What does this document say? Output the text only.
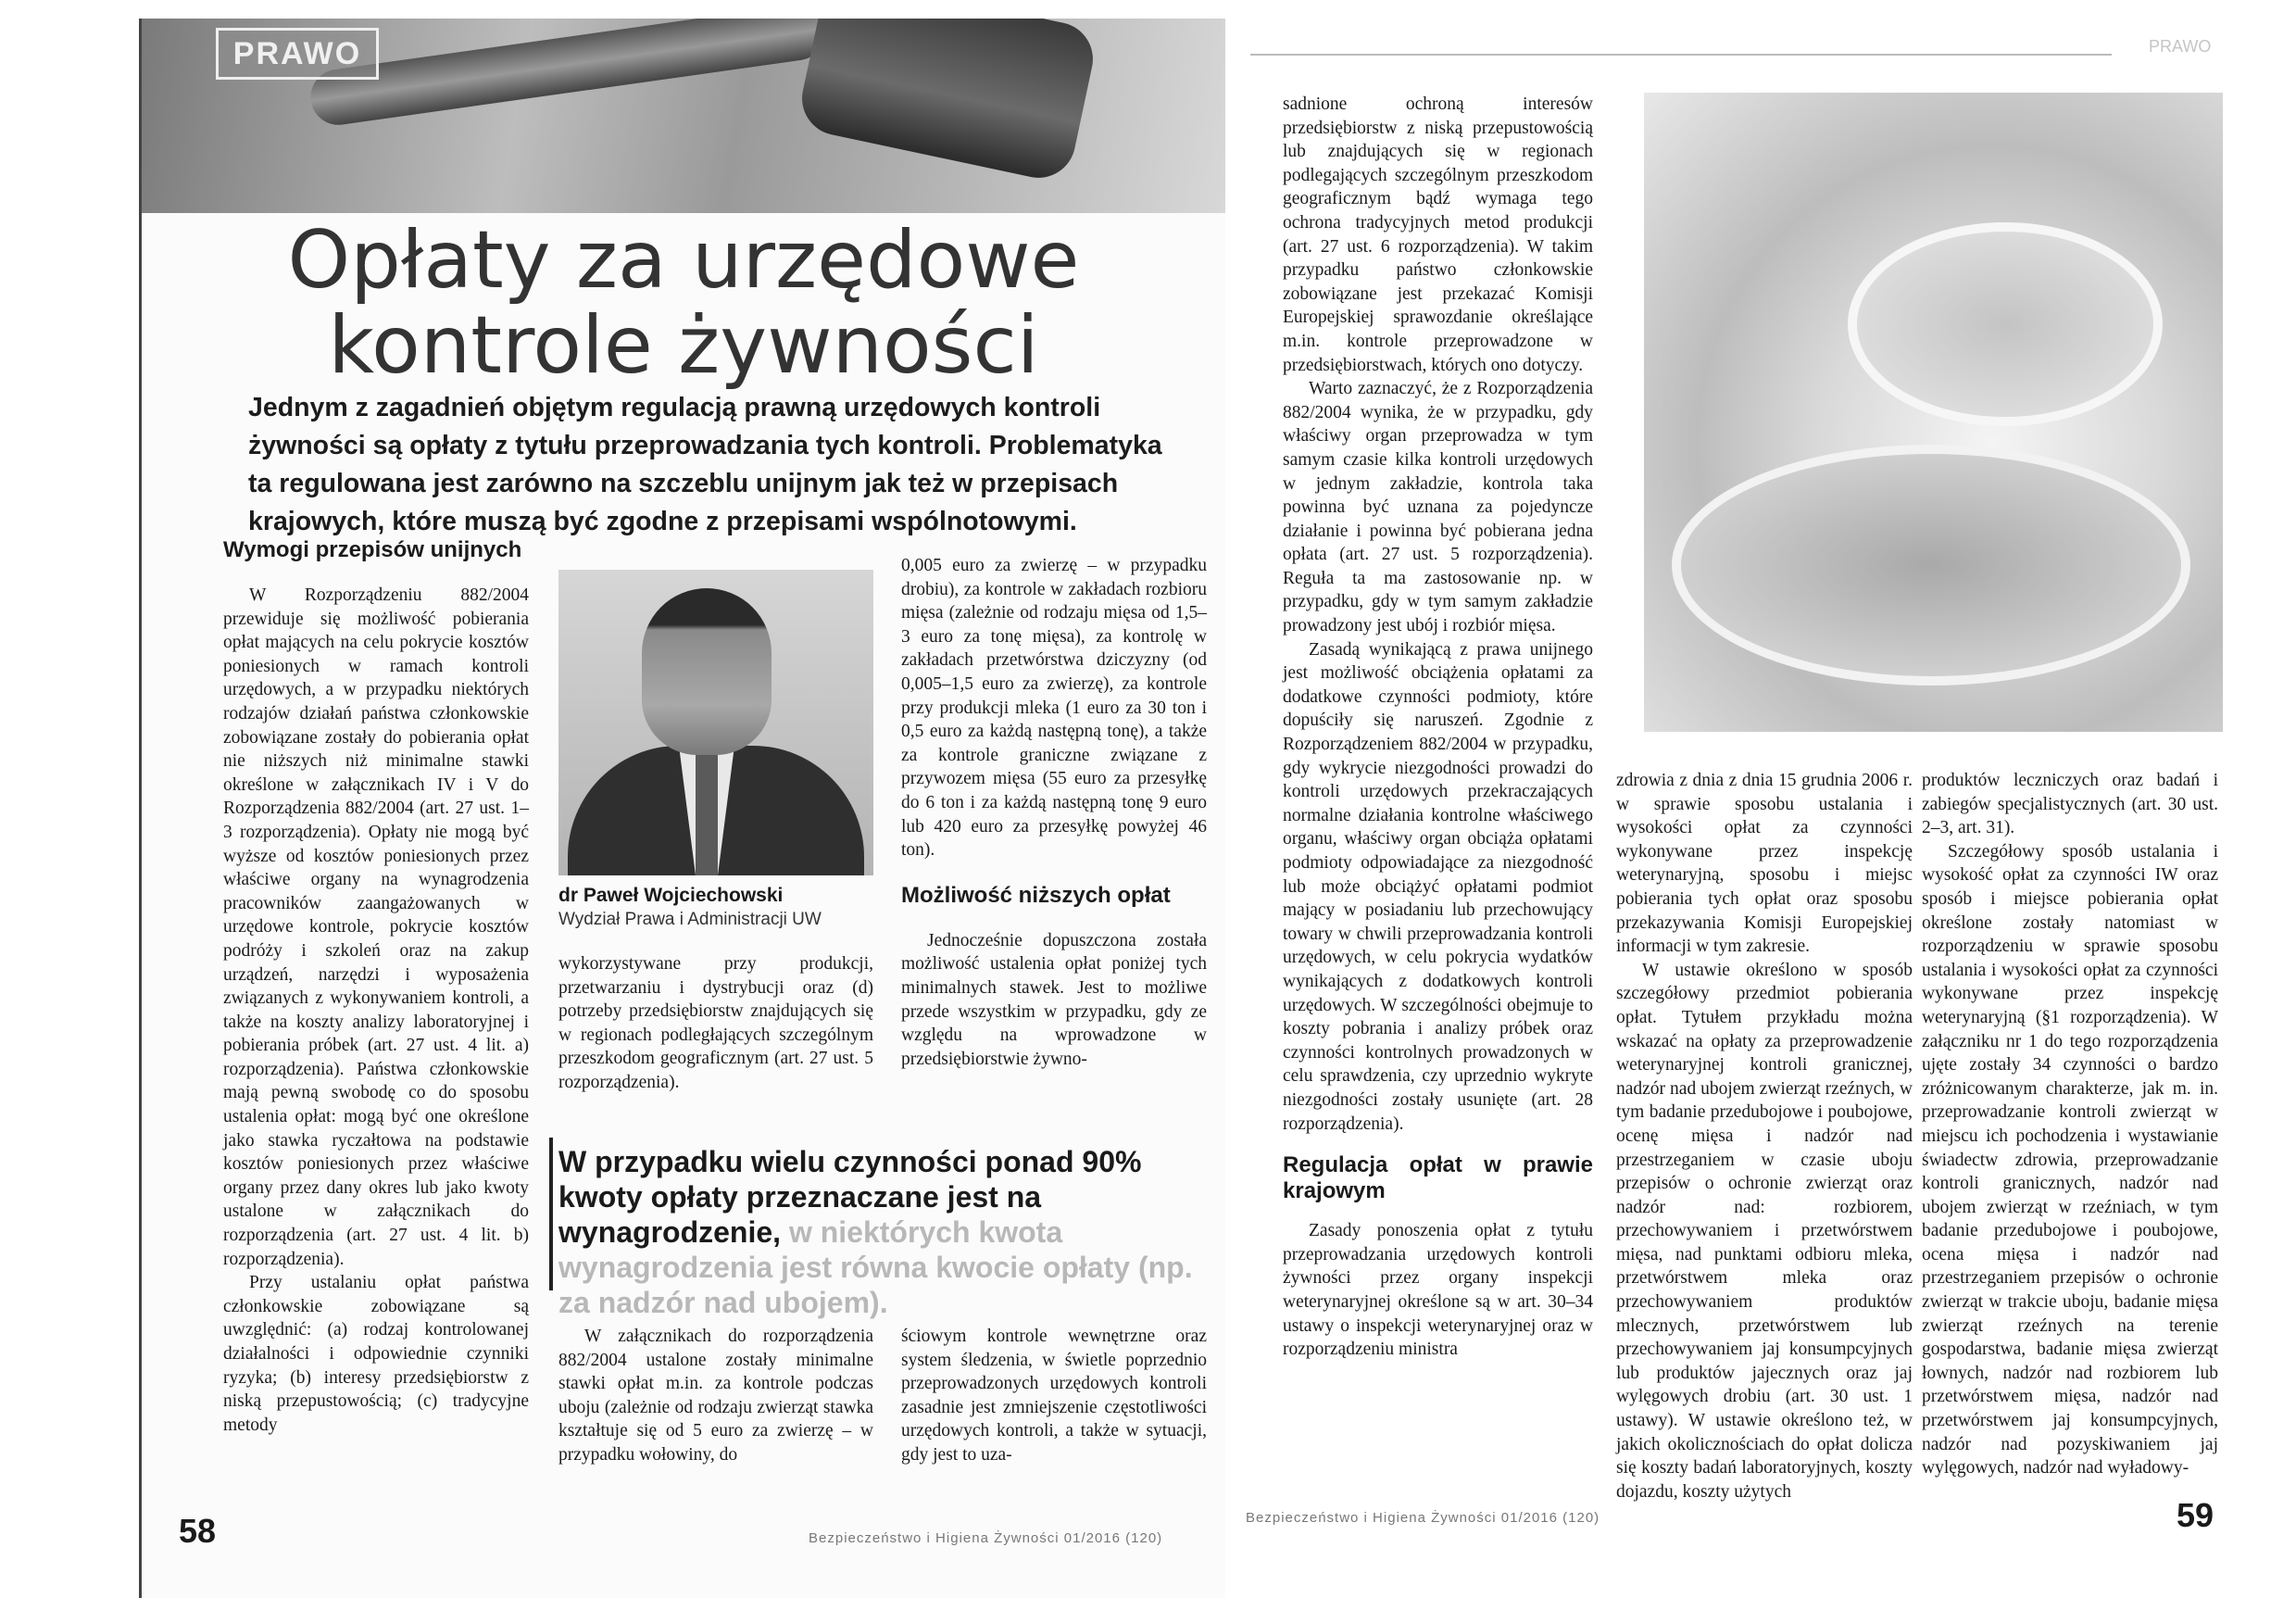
PRAWO
Opłaty za urzędowe
kontrole żywności
Jednym z zagadnień objętym regulacją prawną urzędowych kontroli żywności są opłaty z tytułu przeprowadzania tych kontroli. Problematyka ta regulowana jest zarówno na szczeblu unijnym jak też w przepisach krajowych, które muszą być zgodne z przepisami wspólnotowymi.
Wymogi przepisów unijnych

W Rozporządzeniu 882/2004 przewiduje się możliwość pobierania opłat mających na celu pokrycie kosztów poniesionych w ramach kontroli urzędowych, a w przypadku niektórych rodzajów działań państwa członkowskie zobowiązane zostały do pobierania opłat nie niższych niż minimalne stawki określone w załącznikach IV i V do Rozporządzenia 882/2004 (art. 27 ust. 1–3 rozporządzenia). Opłaty nie mogą być wyższe od kosztów poniesionych przez właściwe organy na wynagrodzenia pracowników zaangażowanych w urzędowe kontrole, pokrycie kosztów podróży i szkoleń oraz na zakup urządzeń, narzędzi i wyposażenia związanych z wykonywaniem kontroli, a także na koszty analizy laboratoryjnej i pobierania próbek (art. 27 ust. 4 lit. a) rozporządzenia). Państwa członkowskie mają pewną swobodę co do sposobu ustalenia opłat: mogą być one określone jako stawka ryczałtowa na podstawie kosztów poniesionych przez właściwe organy przez dany okres lub jako kwoty ustalone w załącznikach do rozporządzenia (art. 27 ust. 4 lit. b) rozporządzenia).

Przy ustalaniu opłat państwa członkowskie zobowiązane są uwzględnić: (a) rodzaj kontrolowanej działalności i odpowiednie czynniki ryzyka; (b) interesy przedsiębiorstw z niską przepustowością; (c) tradycyjne metody

dr Paweł Wojciechowski
Wydział Prawa i Administracji UW

wykorzystywane przy produkcji, przetwarzaniu i dystrybucji oraz (d) potrzeby przedsiębiorstw znajdujących się w regionach podległających szczególnym przeszkodom geograficznym (art. 27 ust. 5 rozporządzenia).

0,005 euro za zwierzę – w przypadku drobiu), za kontrole w zakładach rozbioru mięsa (zależnie od rodzaju mięsa od 1,5–3 euro za tonę mięsa), za kontrolę w zakładach przetwórstwa dziczyzny (od 0,005–1,5 euro za zwierzę), za kontrole przy produkcji mleka (1 euro za 30 ton i 0,5 euro za każdą następną tonę), a także za kontrole graniczne związane z przywozem mięsa (55 euro za przesyłkę do 6 ton i za każdą następną tonę 9 euro lub 420 euro za przesyłkę powyżej 46 ton).

Możliwość niższych opłat

Jednocześnie dopuszczona została możliwość ustalenia opłat poniżej tych minimalnych stawek. Jest to możliwe przede wszystkim w przypadku, gdy ze względu na wprowadzone w przedsiębiorstwie żywno-

W przypadku wielu czynności ponad 90% kwoty opłaty przeznaczane jest na wynagrodzenie, w niektórych kwota wynagrodzenia jest równa kwocie opłaty (np. za nadzór nad ubojem).

W załącznikach do rozporządzenia 882/2004 ustalone zostały minimalne stawki opłat m.in. za kontrole podczas uboju (zależnie od rodzaju zwierząt stawka kształtuje się od 5 euro za zwierzę – w przypadku wołowiny, do

ściowym kontrole wewnętrzne oraz system śledzenia, w świetle poprzednio przeprowadzonych urzędowych kontroli zasadnie jest zmniejszenie częstotliwości urzędowych kontroli, a także w sytuacji, gdy jest to uza-

58	Bezpieczeństwo i Higiena Żywności 01/2016 (120)
PRAWO

sadnione ochroną interesów przedsiębiorstw z niską przepustowością lub znajdujących się w regionach podlegających szczególnym przeszkodom geograficznym bądź wymaga tego ochrona tradycyjnych metod produkcji (art. 27 ust. 6 rozporządzenia). W takim przypadku państwo członkowskie zobowiązane jest przekazać Komisji Europejskiej sprawozdanie określające m.in. kontrole przeprowadzone w przedsiębiorstwach, których ono dotyczy.

Warto zaznaczyć, że z Rozporządzenia 882/2004 wynika, że w przypadku, gdy właściwy organ przeprowadza w tym samym czasie kilka kontroli urzędowych w jednym zakładzie, kontrola taka powinna być uznana za pojedyncze działanie i powinna być pobierana jedna opłata (art. 27 ust. 5 rozporządzenia). Reguła ta ma zastosowanie np. w przypadku, gdy w tym samym zakładzie prowadzony jest ubój i rozbiór mięsa.

Zasadą wynikającą z prawa unijnego jest możliwość obciążenia opłatami za dodatkowe czynności podmioty, które dopuściły się naruszeń. Zgodnie z Rozporządzeniem 882/2004 w przypadku, gdy wykrycie niezgodności prowadzi do kontroli urzędowych przekraczających normalne działania kontrolne właściwego organu, właściwy organ obciąża opłatami podmioty odpowiadające za niezgodność lub może obciążyć opłatami podmiot mający w posiadaniu lub przechowujący towary w chwili przeprowadzania kontroli urzędowych, w celu pokrycia wydatków wynikających z dodatkowych kontroli urzędowych. W szczególności obejmuje to koszty pobrania i analizy próbek oraz czynności kontrolnych prowadzonych w celu sprawdzenia, czy uprzednio wykryte niezgodności zostały usunięte (art. 28 rozporządzenia).

Regulacja opłat w prawie krajowym

Zasady ponoszenia opłat z tytułu przeprowadzania urzędowych kontroli żywności przez organy inspekcji weterynaryjnej określone są w art. 30–34 ustawy o inspekcji weterynaryjnej oraz w rozporządzeniu ministra

zdrowia z dnia z dnia 15 grudnia 2006 r. w sprawie sposobu ustalania i wysokości opłat za czynności wykonywane przez inspekcję weterynaryjną, sposobu i miejsc pobierania tych opłat oraz sposobu przekazywania Komisji Europejskiej informacji w tym zakresie.

W ustawie określono w sposób szczegółowy przedmiot pobierania opłat. Tytułem przykładu można wskazać na opłaty za przeprowadzenie weterynaryjnej kontroli granicznej, nadzór nad ubojem zwierząt rzeźnych, w tym badanie przedubojowe i poubojowe, ocenę mięsa i nadzór nad przestrzeganiem w czasie uboju przepisów o ochronie zwierząt oraz nadzór nad: rozbiorem, przechowywaniem i przetwórstwem mięsa, nad punktami odbioru mleka, przetwórstwem mleka oraz przechowywaniem produktów mlecznych, przetwórstwem lub przechowywaniem jaj konsumpcyjnych lub produktów jajecznych oraz jaj wylęgowych drobiu (art. 30 ust. 1 ustawy). W ustawie określono też, w jakich okolicznościach do opłat dolicza się koszty badań laboratoryjnych, koszty dojazdu, koszty użytych

produktów leczniczych oraz badań i zabiegów specjalistycznych (art. 30 ust. 2–3, art. 31).

Szczegółowy sposób ustalania i wysokość opłat za czynności IW oraz sposób i miejsce pobierania opłat określone zostały natomiast w rozporządzeniu w sprawie sposobu ustalania i wysokości opłat za czynności wykonywane przez inspekcję weterynaryjną (§1 rozporządzenia). W załączniku nr 1 do tego rozporządzenia ujęte zostały 34 czynności o bardzo zróżnicowanym charakterze, jak m. in. przeprowadzanie kontroli zwierząt w miejscu ich pochodzenia i wystawianie świadectw zdrowia, przeprowadzanie kontroli granicznych, nadzór nad ubojem zwierząt w rzeźniach, w tym badanie przedubojowe i poubojowe, ocena mięsa i nadzór nad przestrzeganiem przepisów o ochronie zwierząt w trakcie uboju, badanie mięsa zwierząt rzeźnych na terenie gospodarstwa, badanie mięsa zwierząt łownych, nadzór nad rozbiorem lub przetwórstwem mięsa, nadzór nad przetwórstwem jaj konsumpcyjnych, nadzór nad pozyskiwaniem jaj wylęgowych, nadzór nad wyładowy-

Bezpieczeństwo i Higiena Żywności 01/2016 (120)	59
